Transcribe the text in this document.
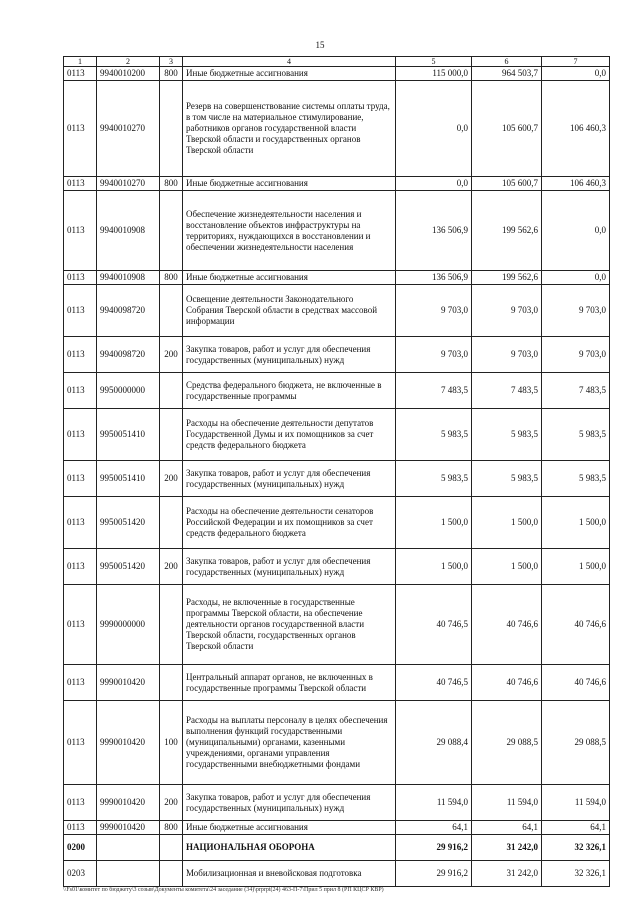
15
1	2	3	4	5	6	7
0113	9940010200	800	Иные бюджетные ассигнования	115 000,0	964 503,7	0,0
0113	9940010270		Резерв на совершенствование системы оплаты труда, в том числе на материальное стимулирование, работников органов государственной власти Тверской области и государственных органов Тверской области	0,0	105 600,7	106 460,3
0113	9940010270	800	Иные бюджетные ассигнования	0,0	105 600,7	106 460,3
0113	9940010908		Обеспечение жизнедеятельности населения и восстановление объектов инфраструктуры на территориях, нуждающихся в восстановлении и обеспечении жизнедеятельности населения	136 506,9	199 562,6	0,0
0113	9940010908	800	Иные бюджетные ассигнования	136 506,9	199 562,6	0,0
0113	9940098720		Освещение деятельности Законодательного Собрания Тверской области в средствах массовой информации	9 703,0	9 703,0	9 703,0
0113	9940098720	200	Закупка товаров, работ и услуг для обеспечения государственных (муниципальных) нужд	9 703,0	9 703,0	9 703,0
0113	9950000000		Средства федерального бюджета, не включенные в государственные программы	7 483,5	7 483,5	7 483,5
0113	9950051410		Расходы на обеспечение деятельности депутатов Государственной Думы и их помощников за счет средств федерального бюджета	5 983,5	5 983,5	5 983,5
0113	9950051410	200	Закупка товаров, работ и услуг для обеспечения государственных (муниципальных) нужд	5 983,5	5 983,5	5 983,5
0113	9950051420		Расходы на обеспечение деятельности сенаторов Российской Федерации и их помощников за счет средств федерального бюджета	1 500,0	1 500,0	1 500,0
0113	9950051420	200	Закупка товаров, работ и услуг для обеспечения государственных (муниципальных) нужд	1 500,0	1 500,0	1 500,0
0113	9990000000		Расходы, не включенные в государственные программы Тверской области, на обеспечение деятельности органов государственной власти Тверской области, государственных органов Тверской области	40 746,5	40 746,6	40 746,6
0113	9990010420		Центральный аппарат органов, не включенных в государственные программы Тверской области	40 746,5	40 746,6	40 746,6
0113	9990010420	100	Расходы на выплаты персоналу в целях обеспечения выполнения функций государственными (муниципальными) органами, казенными учреждениями, органами управления государственными внебюджетными фондами	29 088,4	29 088,5	29 088,5
0113	9990010420	200	Закупка товаров, работ и услуг для обеспечения государственных (муниципальных) нужд	11 594,0	11 594,0	11 594,0
0113	9990010420	800	Иные бюджетные ассигнования	64,1	64,1	64,1
0200			НАЦИОНАЛЬНАЯ ОБОРОНА	29 916,2	31 242,0	32 326,1
0203			Мобилизационная и вневойсковая подготовка	29 916,2	31 242,0	32 326,1
\\Fs01\комитет по бюджету\3 созыв\Документы комитета\24 заседание (34)\prprpt(24) 463-П-7\Прил 5 прил 8 (РП КЦСР КВР)
